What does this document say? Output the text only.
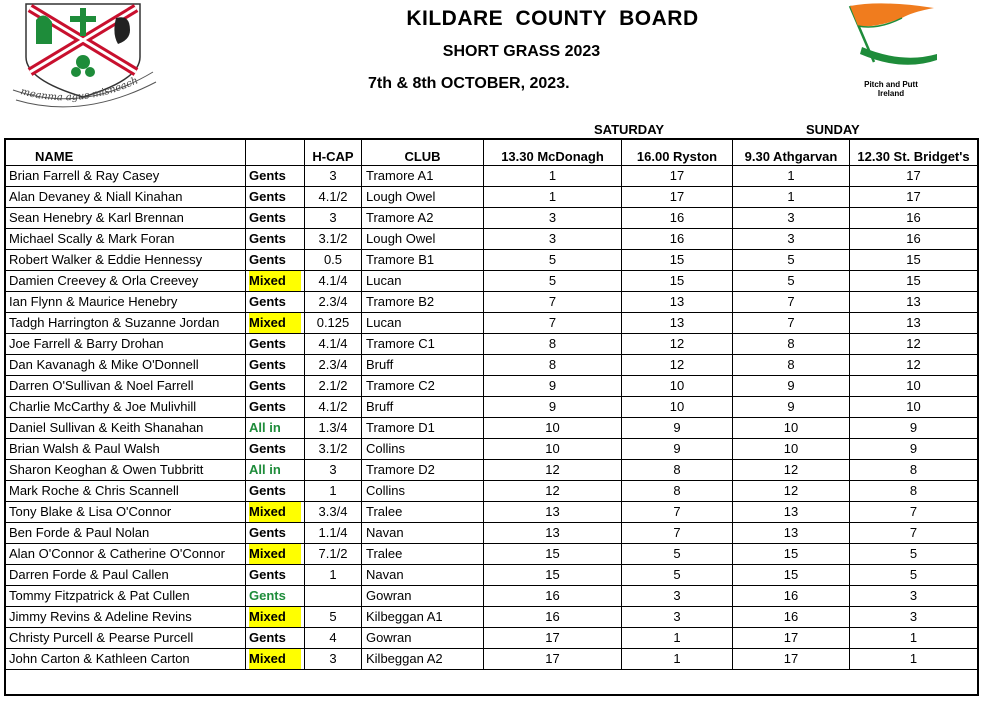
meanma agus misneach	Pitch and Putt
Ireland
KILDARE COUNTY BOARD
SHORT GRASS 2023
7th & 8th OCTOBER, 2023.
SATURDAY	SUNDAY
NAME		H-CAP	CLUB	13.30 McDonagh	16.00 Ryston	9.30 Athgarvan	12.30 St. Bridget's
Brian Farrell & Ray Casey	Gents	3	Tramore A1	1	17	1	17
Alan Devaney & Niall Kinahan	Gents	4.1/2	Lough Owel	1	17	1	17
Sean Henebry & Karl Brennan	Gents	3	Tramore A2	3	16	3	16
Michael Scally & Mark Foran	Gents	3.1/2	Lough Owel	3	16	3	16
Robert Walker & Eddie Hennessy	Gents	0.5	Tramore B1	5	15	5	15
Damien Creevey & Orla Creevey	Mixed	4.1/4	Lucan	5	15	5	15
Ian Flynn & Maurice Henebry	Gents	2.3/4	Tramore B2	7	13	7	13
Tadgh Harrington & Suzanne Jordan	Mixed	0.125	Lucan	7	13	7	13
Joe Farrell & Barry Drohan	Gents	4.1/4	Tramore C1	8	12	8	12
Dan Kavanagh & Mike O'Donnell	Gents	2.3/4	Bruff	8	12	8	12
Darren O'Sullivan & Noel Farrell	Gents	2.1/2	Tramore C2	9	10	9	10
Charlie McCarthy & Joe Mulivhill	Gents	4.1/2	Bruff	9	10	9	10
Daniel Sullivan & Keith Shanahan	All in	1.3/4	Tramore D1	10	9	10	9
Brian Walsh & Paul Walsh	Gents	3.1/2	Collins	10	9	10	9
Sharon Keoghan & Owen Tubbritt	All in	3	Tramore D2	12	8	12	8
Mark Roche & Chris Scannell	Gents	1	Collins	12	8	12	8
Tony Blake & Lisa O'Connor	Mixed	3.3/4	Tralee	13	7	13	7
Ben Forde & Paul Nolan	Gents	1.1/4	Navan	13	7	13	7
Alan O'Connor & Catherine O'Connor	Mixed	7.1/2	Tralee	15	5	15	5
Darren Forde & Paul Callen	Gents	1	Navan	15	5	15	5
Tommy Fitzpatrick & Pat Cullen	Gents		Gowran	16	3	16	3
Jimmy Revins & Adeline Revins	Mixed	5	Kilbeggan A1	16	3	16	3
Christy Purcell & Pearse Purcell	Gents	4	Gowran	17	1	17	1
John Carton & Kathleen Carton	Mixed	3	Kilbeggan A2	17	1	17	1
